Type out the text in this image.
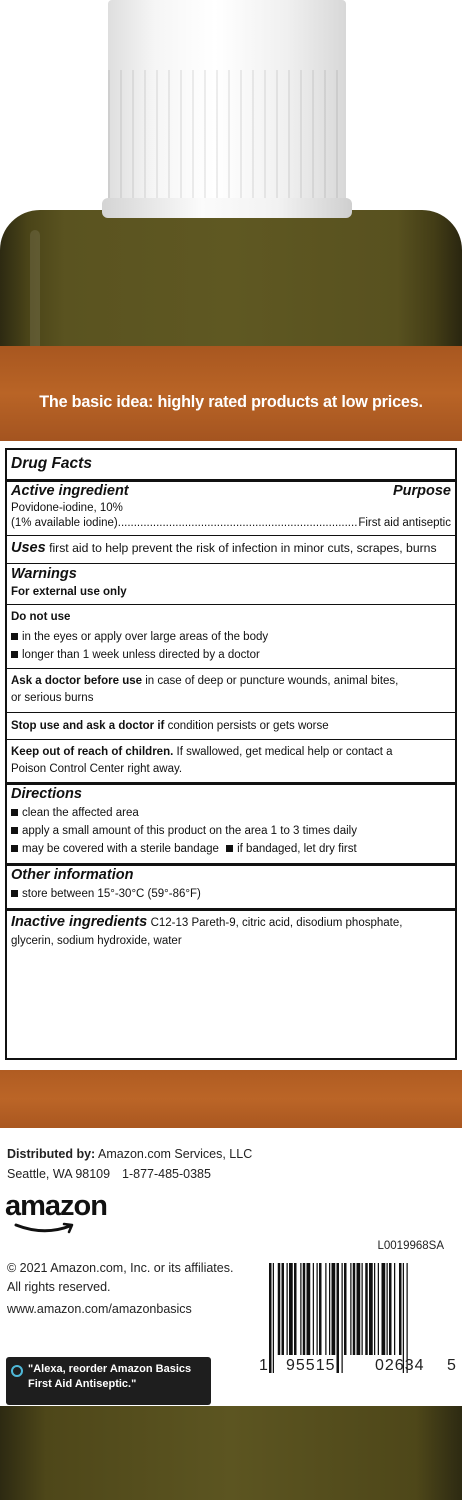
The basic idea: highly rated products at low prices.
Drug Facts
Active ingredient	Purpose
Povidone-iodine, 10%
(1% available iodine)........................................................................... First aid antiseptic
Uses first aid to help prevent the risk of infection in minor cuts, scrapes, burns
Warnings
For external use only
Do not use
in the eyes or apply over large areas of the body
longer than 1 week unless directed by a doctor
Ask a doctor before use in case of deep or puncture wounds, animal bites,
or serious burns
Stop use and ask a doctor if condition persists or gets worse
Keep out of reach of children. If swallowed, get medical help or contact a
Poison Control Center right away.
Directions
clean the affected area
apply a small amount of this product on the area 1 to 3 times daily
may be covered with a sterile bandage if bandaged, let dry first
Other information
store between 15°-30°C (59°-86°F)
Inactive ingredients C12-13 Pareth-9, citric acid, disodium phosphate,
glycerin, sodium hydroxide, water
Distributed by: Amazon.com Services, LLC
Seattle, WA 98109 1-877-485-0385
amazon
L0019968SA
© 2021 Amazon.com, Inc. or its affiliates.
All rights reserved.
www.amazon.com/amazonbasics
1 95515 02634 5
"Alexa, reorder Amazon Basics
First Aid Antiseptic."
